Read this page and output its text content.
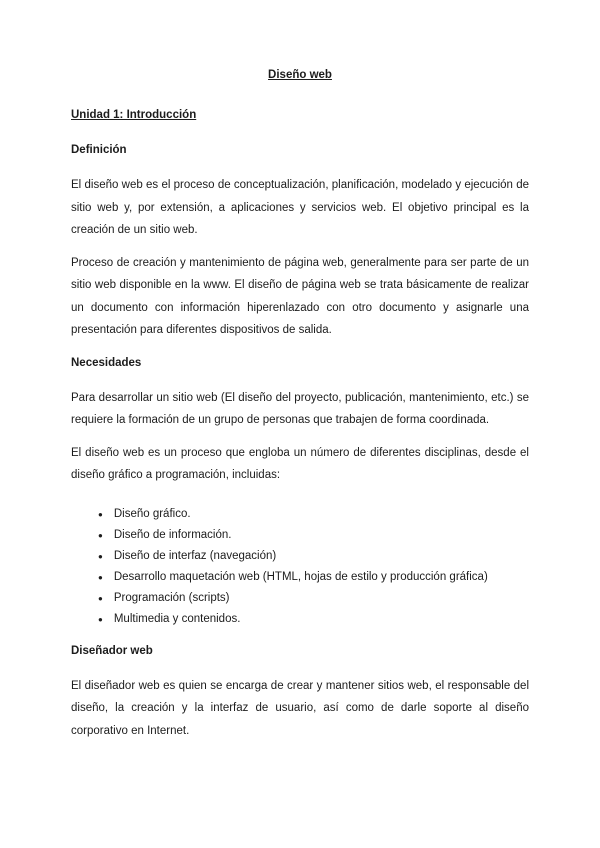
Diseño web
Unidad 1: Introducción
Definición

El diseño web es el proceso de conceptualización, planificación, modelado y ejecución de sitio web y, por extensión, a aplicaciones y servicios web. El objetivo principal es la creación de un sitio web.

Proceso de creación y mantenimiento de página web, generalmente para ser parte de un sitio web disponible en la www. El diseño de página web se trata básicamente de realizar un documento con información hiperenlazado con otro documento y asignarle una presentación para diferentes dispositivos de salida.

Necesidades

Para desarrollar un sitio web (El diseño del proyecto, publicación, mantenimiento, etc.) se requiere la formación de un grupo de personas que trabajen de forma coordinada.

El diseño web es un proceso que engloba un número de diferentes disciplinas, desde el diseño gráfico a programación, incluidas:

● Diseño gráfico.
● Diseño de información.
● Diseño de interfaz (navegación)
● Desarrollo maquetación web (HTML, hojas de estilo y producción gráfica)
● Programación (scripts)
● Multimedia y contenidos.
Diseñador web

El diseñador web es quien se encarga de crear y mantener sitios web, el responsable del diseño, la creación y la interfaz de usuario, así como de darle soporte al diseño corporativo en Internet.
